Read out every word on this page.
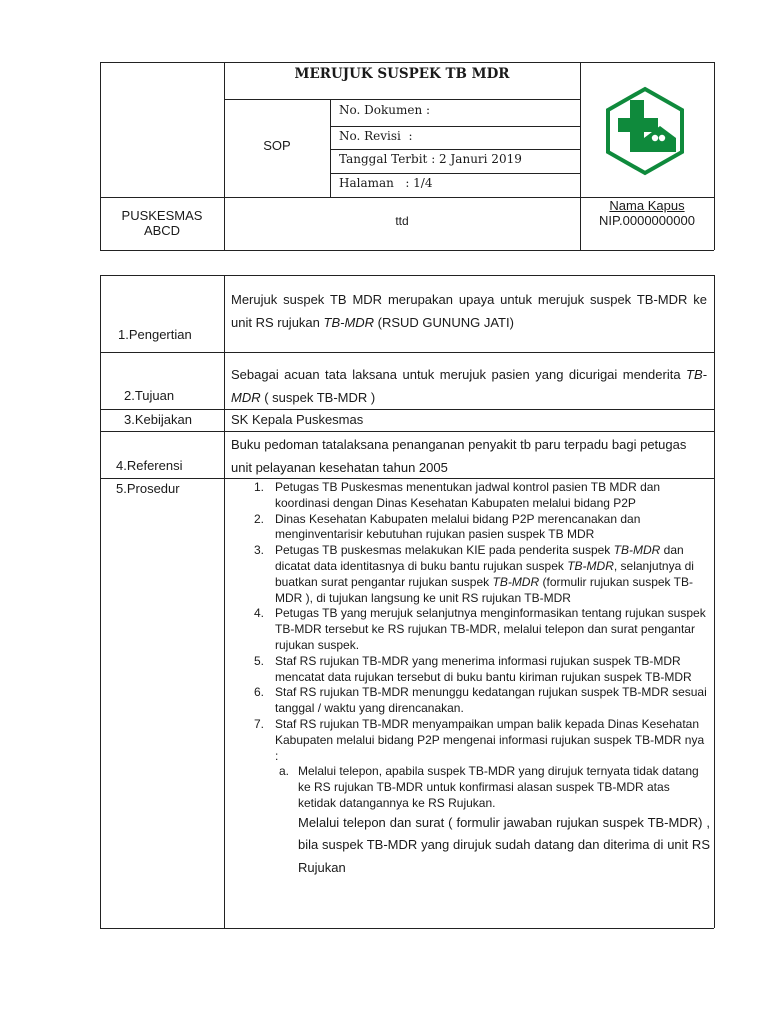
MERUJUK SUSPEK TB MDR
SOP
No. Dokumen :
No. Revisi  :
Tanggal Terbit : 2 Januri 2019
Halaman   : 1/4
PUSKESMAS ABCD
ttd
Nama Kapus
NIP.0000000000
1.Pengertian
Merujuk suspek TB MDR merupakan upaya untuk merujuk suspek TB-MDR ke unit RS rujukan TB-MDR (RSUD GUNUNG JATI)
2.Tujuan
Sebagai acuan tata laksana untuk merujuk pasien yang dicurigai menderita TB-MDR ( suspek TB-MDR )
3.Kebijakan	SK Kepala Puskesmas
4.Referensi
Buku pedoman tatalaksana penanganan penyakit tb paru terpadu bagi petugas unit pelayanan kesehatan tahun 2005
5.Prosedur	1. Petugas TB Puskesmas menentukan jadwal kontrol pasien TB MDR dan koordinasi dengan Dinas Kesehatan Kabupaten melalui bidang P2P
2. Dinas Kesehatan Kabupaten melalui bidang P2P merencanakan dan menginventarisir kebutuhan rujukan pasien suspek TB MDR
3. Petugas TB puskesmas melakukan KIE pada penderita suspek TB-MDR dan dicatat data identitasnya di buku bantu rujukan suspek TB-MDR, selanjutnya di buatkan surat pengantar rujukan suspek TB-MDR (formulir rujukan suspek TB-MDR ), di tujukan langsung ke unit RS rujukan TB-MDR
4. Petugas TB yang merujuk selanjutnya menginformasikan tentang rujukan suspek TB-MDR tersebut ke RS rujukan TB-MDR, melalui telepon dan surat pengantar rujukan suspek.
5. Staf RS rujukan TB-MDR yang menerima informasi rujukan suspek TB-MDR mencatat data rujukan tersebut di buku bantu kiriman rujukan suspek TB-MDR
6. Staf RS rujukan TB-MDR menunggu kedatangan rujukan suspek TB-MDR sesuai tanggal / waktu yang direncanakan.
7. Staf RS rujukan TB-MDR menyampaikan umpan balik kepada Dinas Kesehatan Kabupaten melalui bidang P2P mengenai informasi rujukan suspek TB-MDR nya :
a. Melalui telepon, apabila suspek TB-MDR yang dirujuk ternyata tidak datang ke RS rujukan TB-MDR untuk konfirmasi alasan suspek TB-MDR atas ketidak datangannya ke RS Rujukan.
Melalui telepon dan surat ( formulir jawaban rujukan suspek TB-MDR) , bila suspek TB-MDR yang dirujuk sudah datang dan diterima di unit RS Rujukan
